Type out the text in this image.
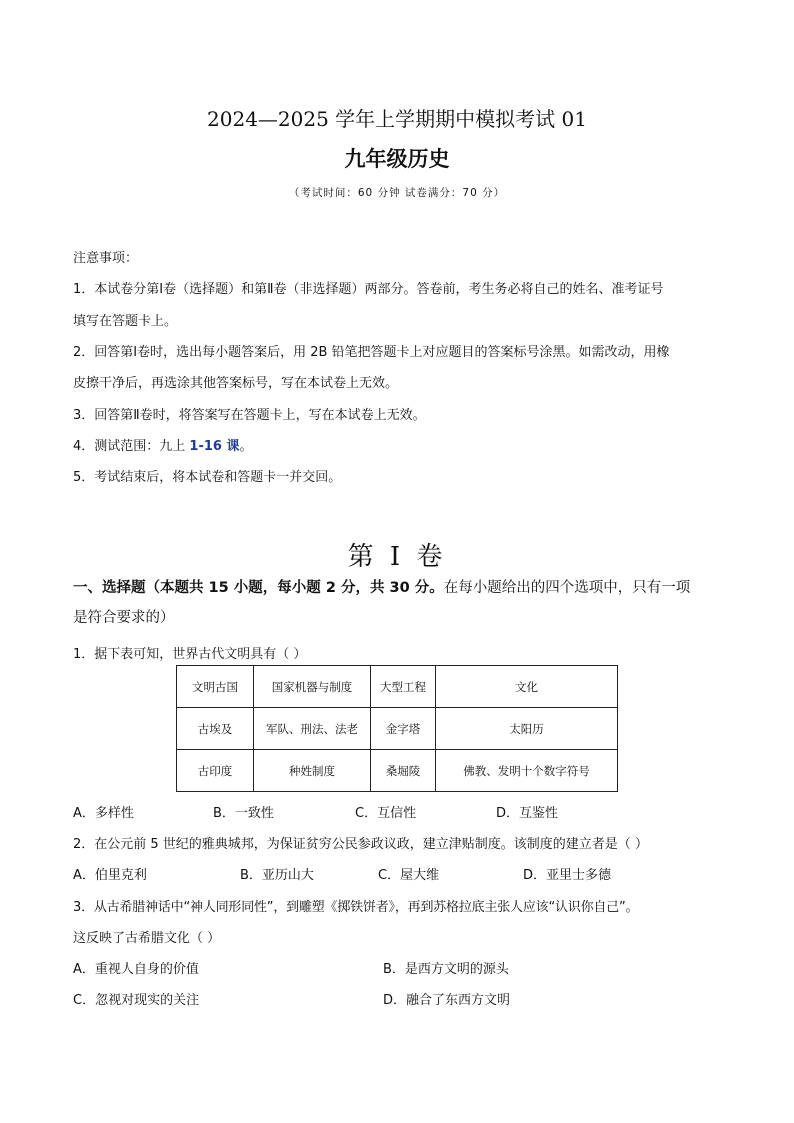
2024—2025 学年上学期期中模拟考试 01
九年级历史
（考试时间：60 分钟 试卷满分：70 分）
注意事项：
1．本试卷分第Ⅰ卷（选择题）和第Ⅱ卷（非选择题）两部分。答卷前，考生务必将自己的姓名、准考证号
填写在答题卡上。
2．回答第Ⅰ卷时，选出每小题答案后，用 2B 铅笔把答题卡上对应题目的答案标号涂黑。如需改动，用橡
皮擦干净后，再选涂其他答案标号，写在本试卷上无效。
3．回答第Ⅱ卷时，将答案写在答题卡上，写在本试卷上无效。
4．测试范围：九上 1-16 课。
5．考试结束后，将本试卷和答题卡一并交回。
第 I 卷
一、选择题（本题共 15 小题，每小题 2 分，共 30 分。在每小题给出的四个选项中，只有一项
是符合要求的）
1．据下表可知，世界古代文明具有（ ）
文明古国	国家机器与制度	大型工程	文化
古埃及	军队、刑法、法老	金字塔	太阳历
古印度	种姓制度	桑堀陵	佛教、发明十个数字符号
A．多样性	B．一致性	C．互信性	D．互鉴性
2．在公元前 5 世纪的雅典城邦，为保证贫穷公民参政议政，建立津贴制度。该制度的建立者是（ ）
A．伯里克利	B．亚历山大	C．屋大维	D．亚里士多德
3．从古希腊神话中“神人同形同性”，到雕塑《掷铁饼者》，再到苏格拉底主张人应该“认识你自己”。
这反映了古希腊文化（ ）
A．重视人自身的价值	B．是西方文明的源头
C．忽视对现实的关注	D．融合了东西方文明
